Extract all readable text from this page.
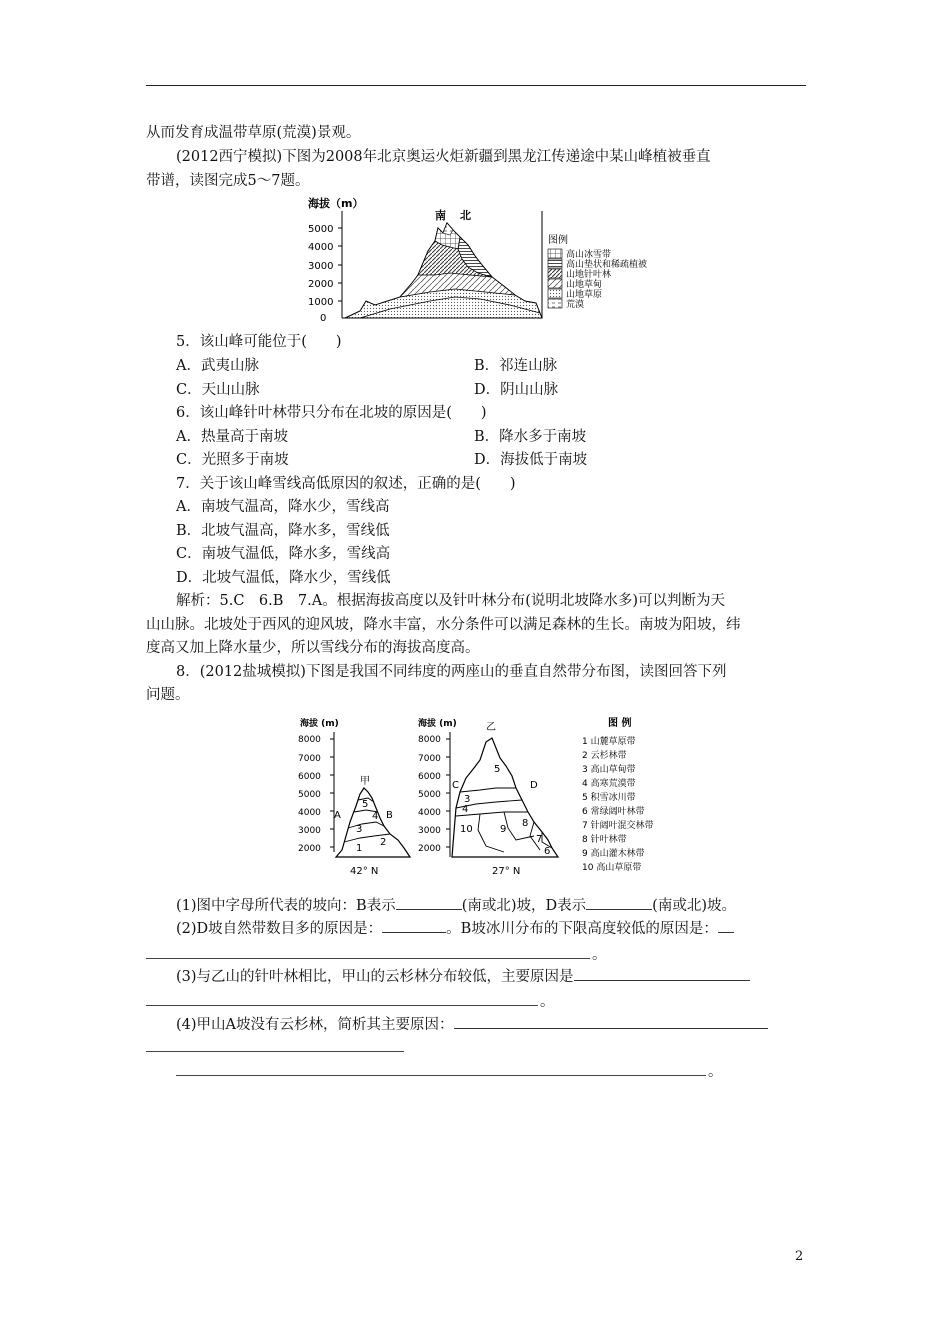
从而发育成温带草原(荒漠)景观。
(2012西宁模拟)下图为2008年北京奥运火炬新疆到黑龙江传递途中某山峰植被垂直
带谱，读图完成5～7题。
海拔（m）
5000
4000
3000
2000
1000
0
南 北
图例
高山冰雪带
高山垫状和稀疏植被
山地针叶林
山地草甸
山地草原
荒漠
5．该山峰可能位于(　　)
A．武夷山脉	B．祁连山脉
C．天山山脉	D．阴山山脉
6．该山峰针叶林带只分布在北坡的原因是(　　)
A．热量高于南坡	B．降水多于南坡
C．光照多于南坡	D．海拔低于南坡
7．关于该山峰雪线高低原因的叙述，正确的是(　　)
A．南坡气温高，降水少，雪线高
B．北坡气温高，降水多，雪线低
C．南坡气温低，降水多，雪线高
D．北坡气温低，降水少，雪线低
解析：5.C　6.B　7.A。根据海拔高度以及针叶林分布(说明北坡降水多)可以判断为天
山山脉。北坡处于西风的迎风坡，降水丰富，水分条件可以满足森林的生长。南坡为阳坡，纬
度高又加上降水量少，所以雪线分布的海拔高度高。
8．(2012盐城模拟)下图是我国不同纬度的两座山的垂直自然带分布图，读图回答下列
问题。
海拔 (m)	海拔 (m)	图 例
8000
7000
6000
5000
4000
3000
2000
甲
A	B
1
2
3
4
5
42° N
8000
7000
6000
5000
4000
3000
2000
乙
C	D
3
5
4
9
10
8
7
6
27° N
1 山麓草原带
2 云杉林带
3 高山草甸带
4 高寒荒漠带
5 积雪冰川带
6 常绿阔叶林带
7 针阔叶混交林带
8 针叶林带
9 高山灌木林带
10 高山草原带
(1)图中字母所代表的坡向：B表示	(南或北)坡，D表示	(南或北)坡。
(2)D坡自然带数目多的原因是：	。B坡冰川分布的下限高度较低的原因是：
。
(3)与乙山的针叶林相比，甲山的云杉林分布较低，主要原因是
。
(4)甲山A坡没有云杉林，简析其主要原因：
。
2
